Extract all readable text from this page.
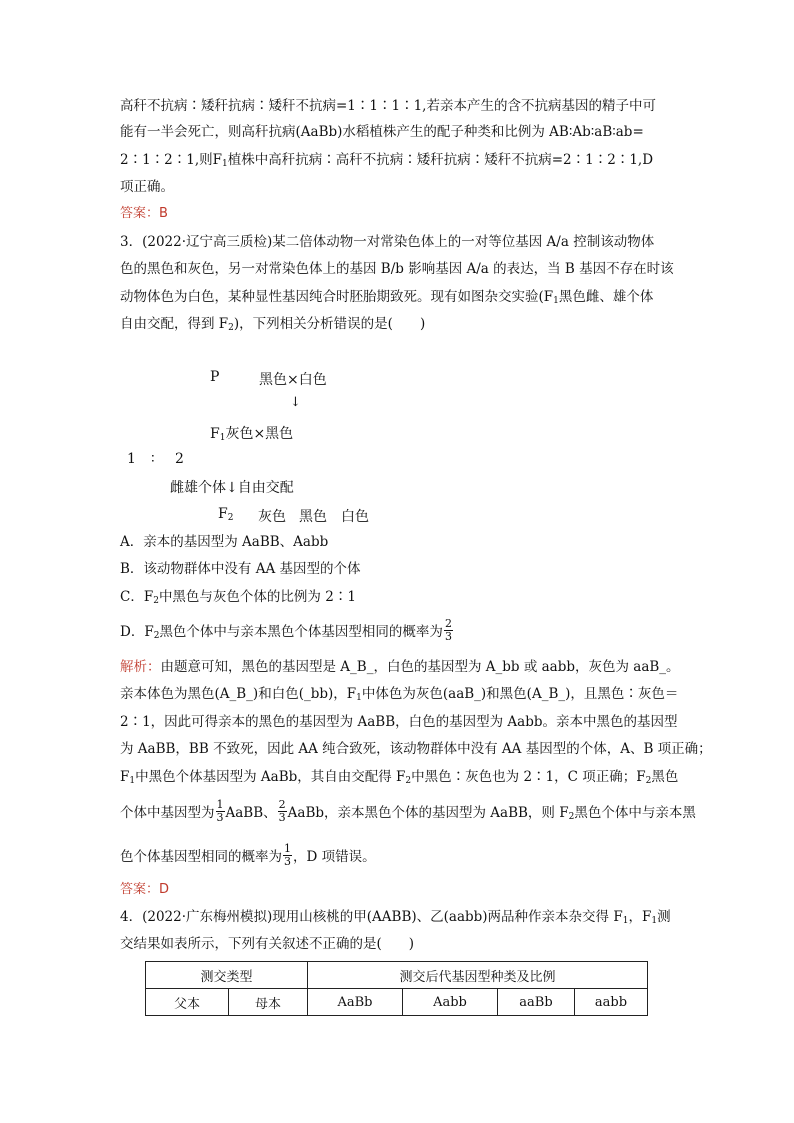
高秆不抗病∶矮秆抗病∶矮秆不抗病=1∶1∶1∶1,若亲本产生的含不抗病基因的精子中可
能有一半会死亡，则高秆抗病(AaBb)水稻植株产生的配子种类和比例为 AB∶Ab∶aB∶ab=
2∶1∶2∶1,则$F_1$植株中高秆抗病∶高秆不抗病∶矮秆抗病∶矮秆不抗病=2∶1∶2∶1,D
项正确。
答案：B
3．(2022·辽宁高三质检)某二倍体动物一对常染色体上的一对等位基因 A/a 控制该动物体
色的黑色和灰色，另一对常染色体上的基因 B/b 影响基因 A/a 的表达，当 B 基因不存在时该
动物体色为白色，某种显性基因纯合时胚胎期致死。现有如图杂交实验($F_1$黑色雌、雄个体
自由交配，得到 $F_2$)，下列相关分析错误的是(　　)
P	黑色×白色
↓
$F_1$灰色×黑色
1 ∶ 2
雌雄个体↓自由交配
$F_2$ 灰色 黑色 白色
A．亲本的基因型为 AaBB、Aabb
B．该动物群体中没有 AA 基因型的个体
C．$F_2$中黑色与灰色个体的比例为 2∶1
D．$F_2$黑色个体中与亲本黑色个体基因型相同的概率为 $\frac{2}{3}$
解析：由题意可知，黑色的基因型是 A_B_，白色的基因型为 A_bb 或 aabb，灰色为 aaB_。
亲本体色为黑色(A_B_)和白色(_bb)，$F_1$中体色为灰色(aaB_)和黑色(A_B_)，且黑色∶灰色＝
2∶1，因此可得亲本的黑色的基因型为 AaBB，白色的基因型为 Aabb。亲本中黑色的基因型
为 AaBB，BB 不致死，因此 AA 纯合致死，该动物群体中没有 AA 基因型的个体，A、B 项正确；
$F_1$中黑色个体基因型为 AaBb，其自由交配得 $F_2$中黑色∶灰色也为 2∶1，C 项正确；$F_2$黑色
个体中基因型为 $\frac{1}{3}$ AaBB、 $\frac{2}{3}$ AaBb，亲本黑色个体的基因型为 AaBB，则 $F_2$黑色个体中与亲本黑
色个体基因型相同的概率为 $\frac{1}{3}$ ，D 项错误。
答案：D
4．(2022·广东梅州模拟)现用山核桃的甲(AABB)、乙(aabb)两品种作亲本杂交得 $F_1$，$F_1$测
交结果如表所示，下列有关叙述不正确的是(　　)
测交类型		测交后代基因型种类及比例			
父本	母本	AaBb	Aabb	aaBb	aabb
